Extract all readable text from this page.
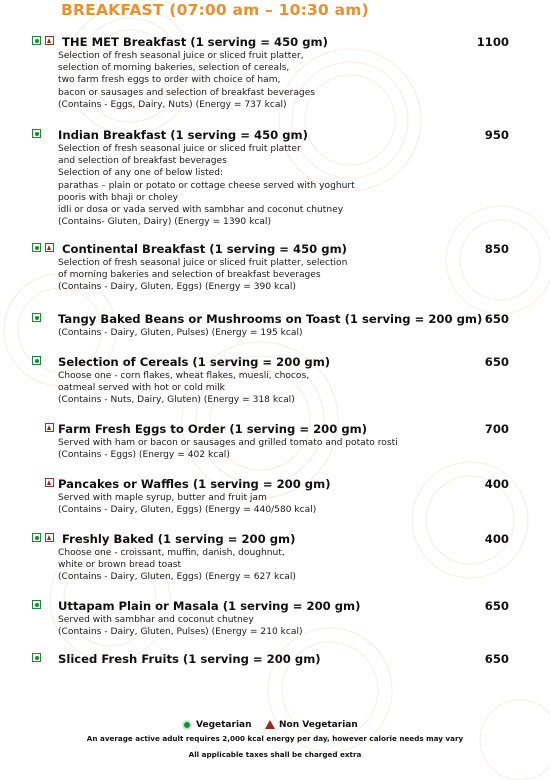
BREAKFAST (07:00 am – 10:30 am)
THE MET Breakfast (1 serving = 450 gm)	1100

Selection of fresh seasonal juice or sliced fruit platter,

selection of morning bakeries, selection of cereals,

two farm fresh eggs to order with choice of ham,

bacon or sausages and selection of breakfast beverages

(Contains - Eggs, Dairy, Nuts) (Energy = 737 kcal)

Indian Breakfast (1 serving = 450 gm)	950

Selection of fresh seasonal juice or sliced fruit platter

and selection of breakfast beverages

Selection of any one of below listed:

parathas – plain or potato or cottage cheese served with yoghurt

pooris with bhaji or choley

idli or dosa or vada served with sambhar and coconut chutney

(Contains- Gluten, Dairy) (Energy = 1390 kcal)

Continental Breakfast (1 serving = 450 gm)	850

Selection of fresh seasonal juice or sliced fruit platter, selection

of morning bakeries and selection of breakfast beverages

(Contains - Dairy, Gluten, Eggs) (Energy = 390 kcal)

Tangy Baked Beans or Mushrooms on Toast (1 serving = 200 gm) 650

(Contains - Dairy, Gluten, Pulses) (Energy = 195 kcal)

Selection of Cereals (1 serving = 200 gm)	650

Choose one - corn flakes, wheat flakes, muesli, chocos,

oatmeal served with hot or cold milk

(Contains - Nuts, Dairy, Gluten) (Energy = 318 kcal)

Farm Fresh Eggs to Order (1 serving = 200 gm)	700

Served with ham or bacon or sausages and grilled tomato and potato rosti

(Contains - Eggs) (Energy = 402 kcal)

Pancakes or Waffles (1 serving = 200 gm)	400

Served with maple syrup, butter and fruit jam

(Contains - Dairy, Gluten, Eggs) (Energy = 440/580 kcal)

Freshly Baked (1 serving = 200 gm)	400

Choose one - croissant, muffin, danish, doughnut,

white or brown bread toast

(Contains - Dairy, Gluten, Eggs) (Energy = 627 kcal)

Uttapam Plain or Masala (1 serving = 200 gm)	650

Served with sambhar and coconut chutney

(Contains - Dairy, Gluten, Pulses) (Energy = 210 kcal)

Sliced Fresh Fruits (1 serving = 200 gm)	650
Vegetarian	Non Vegetarian
An average active adult requires 2,000 kcal energy per day, however calorie needs may vary
All applicable taxes shall be charged extra
